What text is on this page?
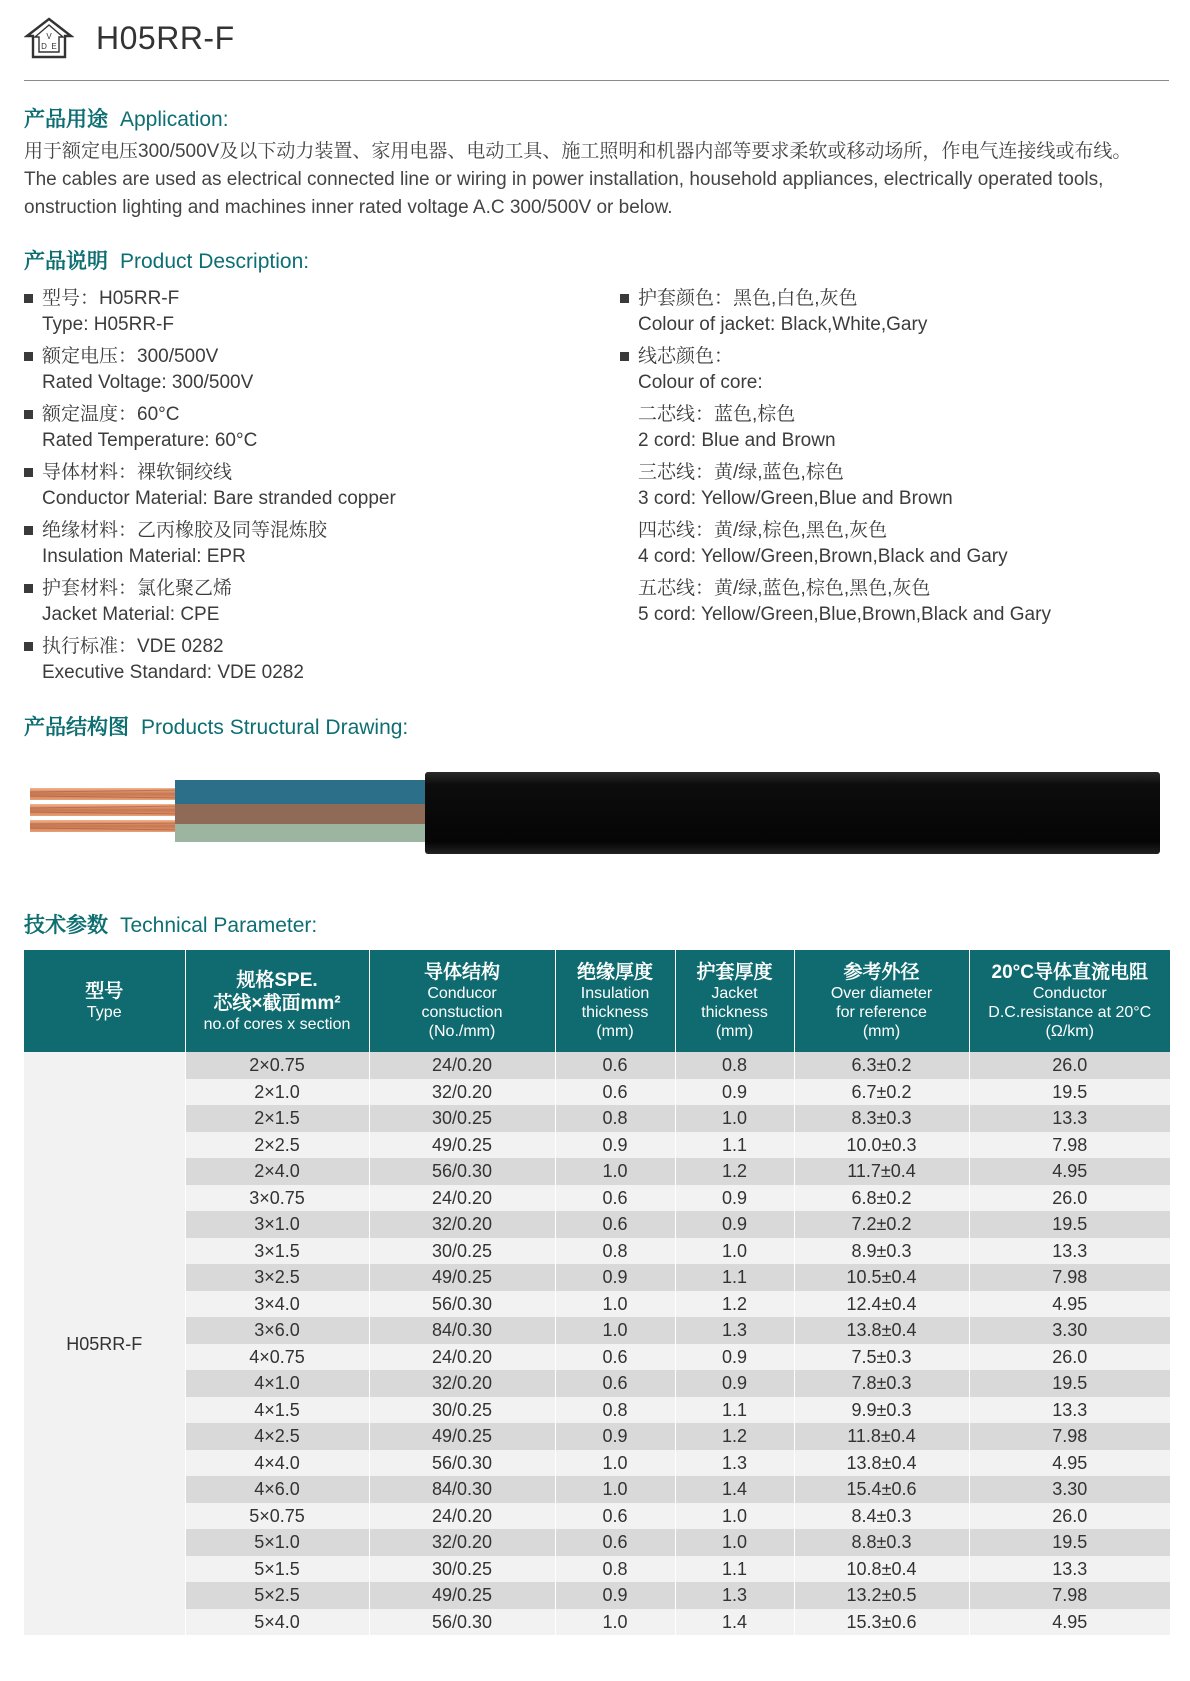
V
D E H05RR-F
产品用途 Application:
用于额定电压300/500V及以下动力装置、家用电器、电动工具、施工照明和机器内部等要求柔软或移动场所，作电气连接线或布线。
The cables are used as electrical connected line or wiring in power installation, household appliances, electrically operated tools, onstruction lighting and machines inner rated voltage A.C 300/500V or below.
产品说明 Product Description:
型号：H05RR-F
Type: H05RR-F
额定电压：300/500V
Rated Voltage: 300/500V
额定温度：60°C
Rated Temperature: 60°C
导体材料：裸软铜绞线
Conductor Material: Bare stranded copper
绝缘材料：乙丙橡胶及同等混炼胶
Insulation Material: EPR
护套材料：氯化聚乙烯
Jacket Material: CPE
执行标准：VDE 0282
Executive Standard: VDE 0282
护套颜色：黑色,白色,灰色
Colour of jacket: Black,White,Gary
线芯颜色：
Colour of core:
二芯线：蓝色,棕色
2 cord: Blue and Brown
三芯线：黄/绿,蓝色,棕色
3 cord: Yellow/Green,Blue and Brown
四芯线：黄/绿,棕色,黑色,灰色
4 cord: Yellow/Green,Brown,Black and Gary
五芯线：黄/绿,蓝色,棕色,黑色,灰色
5 cord: Yellow/Green,Blue,Brown,Black and Gary
产品结构图 Products Structural Drawing:
技术参数 Technical Parameter:
型号
Type	规格SPE.
芯线×截面mm²
no.of cores x section	导体结构
Conducor
constuction
(No./mm)	绝缘厚度
Insulation
thickness
(mm)	护套厚度
Jacket
thickness
(mm)	参考外径
Over diameter
for reference
(mm)	20°C导体直流电阻
Conductor
D.C.resistance at 20°C
(Ω/km)

H05RR-F	2×0.75	24/0.20	0.6	0.8	6.3±0.2	26.0
	2×1.0	32/0.20	0.6	0.9	6.7±0.2	19.5
	2×1.5	30/0.25	0.8	1.0	8.3±0.3	13.3
	2×2.5	49/0.25	0.9	1.1	10.0±0.3	7.98
	2×4.0	56/0.30	1.0	1.2	11.7±0.4	4.95
	3×0.75	24/0.20	0.6	0.9	6.8±0.2	26.0
	3×1.0	32/0.20	0.6	0.9	7.2±0.2	19.5
	3×1.5	30/0.25	0.8	1.0	8.9±0.3	13.3
	3×2.5	49/0.25	0.9	1.1	10.5±0.4	7.98
	3×4.0	56/0.30	1.0	1.2	12.4±0.4	4.95
	3×6.0	84/0.30	1.0	1.3	13.8±0.4	3.30
	4×0.75	24/0.20	0.6	0.9	7.5±0.3	26.0
	4×1.0	32/0.20	0.6	0.9	7.8±0.3	19.5
	4×1.5	30/0.25	0.8	1.1	9.9±0.3	13.3
	4×2.5	49/0.25	0.9	1.2	11.8±0.4	7.98
	4×4.0	56/0.30	1.0	1.3	13.8±0.4	4.95
	4×6.0	84/0.30	1.0	1.4	15.4±0.6	3.30
	5×0.75	24/0.20	0.6	1.0	8.4±0.3	26.0
	5×1.0	32/0.20	0.6	1.0	8.8±0.3	19.5
	5×1.5	30/0.25	0.8	1.1	10.8±0.4	13.3
	5×2.5	49/0.25	0.9	1.3	13.2±0.5	7.98
	5×4.0	56/0.30	1.0	1.4	15.3±0.6	4.95
